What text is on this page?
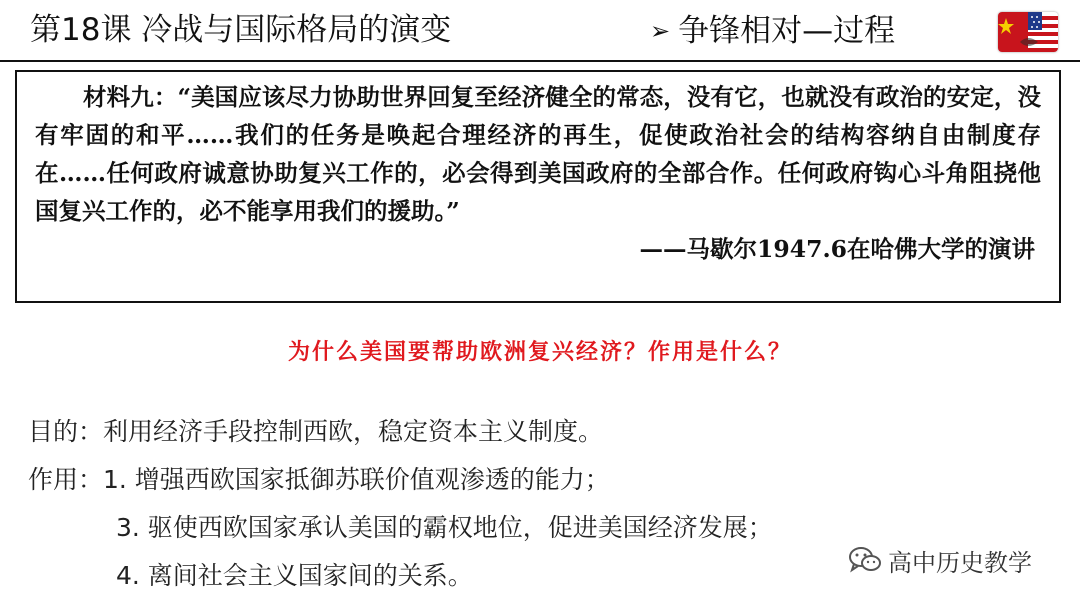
第18课 冷战与国际格局的演变	➢ 争锋相对—过程

材料九：“美国应该尽力协助世界回复至经济健全的常态，没有它，也就没有政治的安定，没有牢固的和平……我们的任务是唤起合理经济的再生，促使政治社会的结构容纳自由制度存在……任何政府诚意协助复兴工作的，必会得到美国政府的全部合作。任何政府钩心斗角阻挠他国复兴工作的，必不能享用我们的援助。”

——马歇尔1947.6在哈佛大学的演讲

为什么美国要帮助欧洲复兴经济？作用是什么？
目的：利用经济手段控制西欧，稳定资本主义制度。
作用：1. 增强西欧国家抵御苏联价值观渗透的能力；
3. 驱使西欧国家承认美国的霸权地位，促进美国经济发展；
4. 离间社会主义国家间的关系。	高中历史教学
